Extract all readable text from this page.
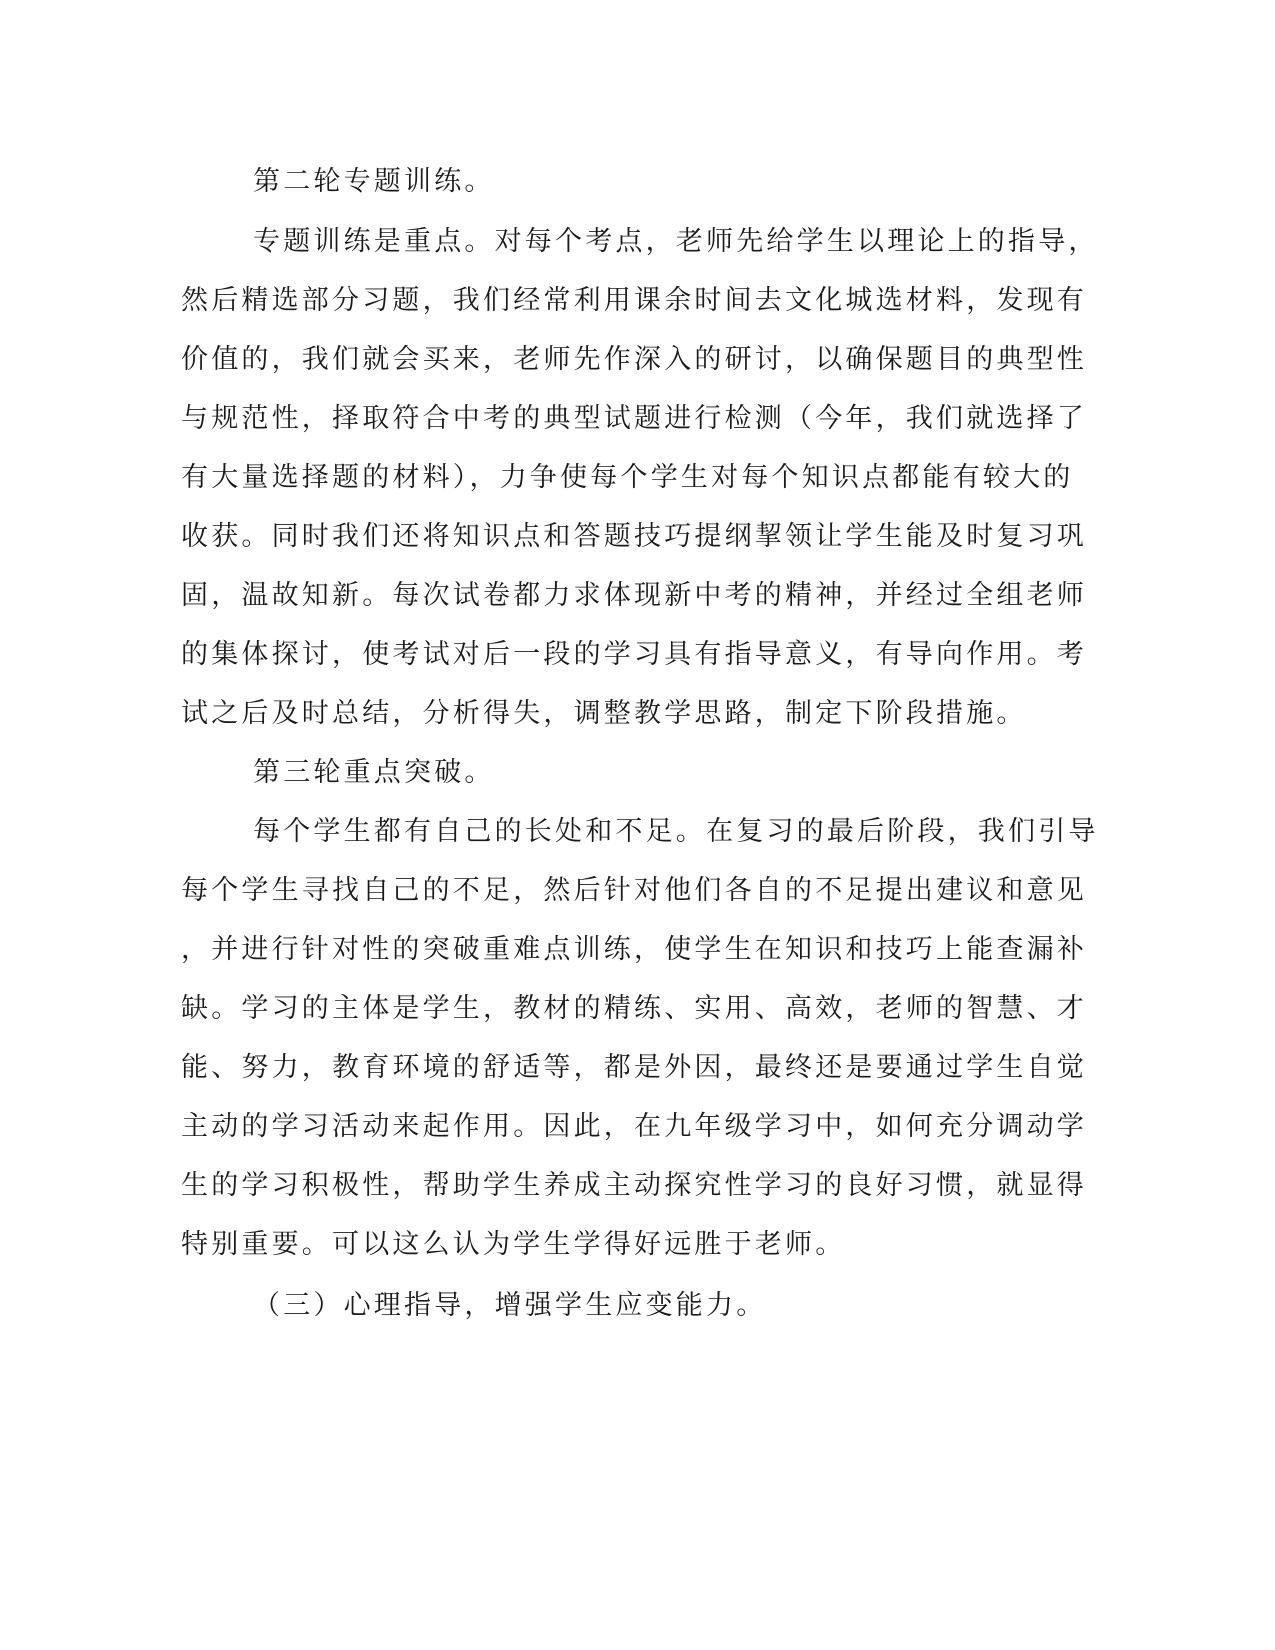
第二轮专题训练。
专题训练是重点。对每个考点，老师先给学生以理论上的指导，
然后精选部分习题，我们经常利用课余时间去文化城选材料，发现有
价值的，我们就会买来，老师先作深入的研讨，以确保题目的典型性
与规范性，择取符合中考的典型试题进行检测（今年，我们就选择了
有大量选择题的材料），力争使每个学生对每个知识点都能有较大的
收获。同时我们还将知识点和答题技巧提纲挈领让学生能及时复习巩
固，温故知新。每次试卷都力求体现新中考的精神，并经过全组老师
的集体探讨，使考试对后一段的学习具有指导意义，有导向作用。考
试之后及时总结，分析得失，调整教学思路，制定下阶段措施。
第三轮重点突破。
每个学生都有自己的长处和不足。在复习的最后阶段，我们引导
每个学生寻找自己的不足，然后针对他们各自的不足提出建议和意见
，并进行针对性的突破重难点训练，使学生在知识和技巧上能查漏补
缺。学习的主体是学生，教材的精练、实用、高效，老师的智慧、才
能、努力，教育环境的舒适等，都是外因，最终还是要通过学生自觉
主动的学习活动来起作用。因此，在九年级学习中，如何充分调动学
生的学习积极性，帮助学生养成主动探究性学习的良好习惯，就显得
特别重要。可以这么认为学生学得好远胜于老师。
（三）心理指导，增强学生应变能力。
